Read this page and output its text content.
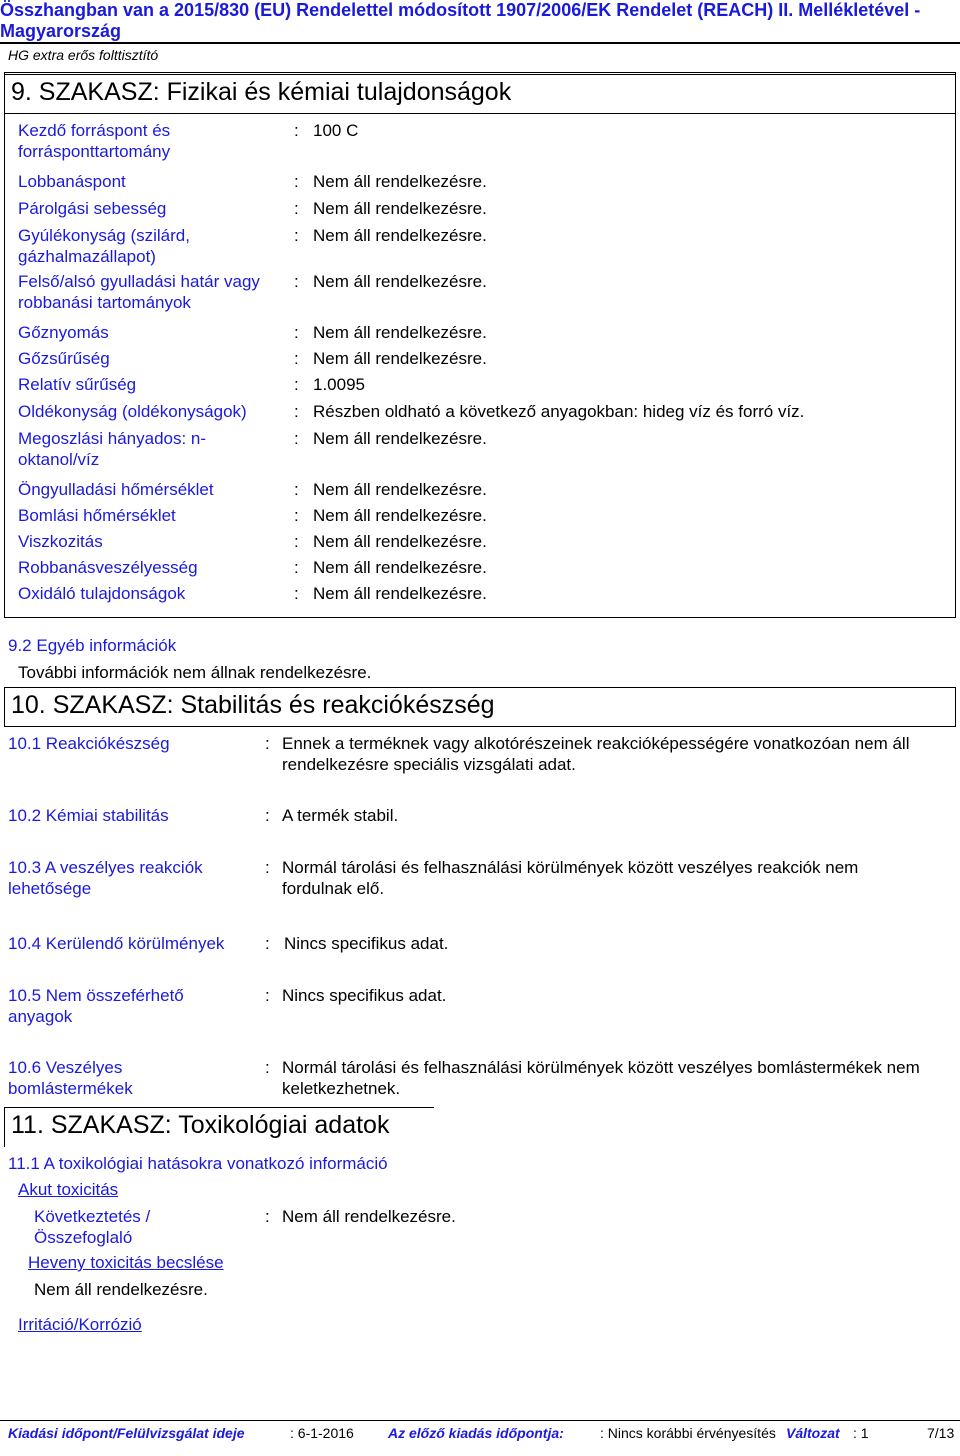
Összhangban van a 2015/830 (EU) Rendelettel módosított 1907/2006/EK Rendelet (REACH) II. Mellékletével - Magyarország
HG extra erős folttisztító
9. SZAKASZ: Fizikai és kémiai tulajdonságok
Kezdő forráspont és forrásponttartomány
: 100 C
Lobbanáspont	: Nem áll rendelkezésre.
Párolgási sebesség	: Nem áll rendelkezésre.
Gyúlékonyság (szilárd, gázhalmazállapot)
: Nem áll rendelkezésre.
Felső/alsó gyulladási határ vagy robbanási tartományok
: Nem áll rendelkezésre.
Gőznyomás	: Nem áll rendelkezésre.
Gőzsűrűség	: Nem áll rendelkezésre.
Relatív sűrűség	: 1.0095
Oldékonyság (oldékonyságok)	: Részben oldható a következő anyagokban: hideg víz és forró víz.
Megoszlási hányados: n-oktanol/víz
: Nem áll rendelkezésre.
Öngyulladási hőmérséklet	: Nem áll rendelkezésre.
Bomlási hőmérséklet	: Nem áll rendelkezésre.
Viszkozitás	: Nem áll rendelkezésre.
Robbanásveszélyesség	: Nem áll rendelkezésre.
Oxidáló tulajdonságok	: Nem áll rendelkezésre.
9.2 Egyéb információk
További információk nem állnak rendelkezésre.
10. SZAKASZ: Stabilitás és reakciókészség
10.1 Reakciókészség	: Ennek a terméknek vagy alkotórészeinek reakcióképességére vonatkozóan nem áll rendelkezésre speciális vizsgálati adat.
10.2 Kémiai stabilitás	: A termék stabil.
10.3 A veszélyes reakciók lehetősége
: Normál tárolási és felhasználási körülmények között veszélyes reakciók nem fordulnak elő.
10.4 Kerülendő körülmények : Nincs specifikus adat.
10.5 Nem összeférhető anyagok
: Nincs specifikus adat.
10.6 Veszélyes bomlástermékek
: Normál tárolási és felhasználási körülmények között veszélyes bomlástermékek nem keletkezhetnek.
11. SZAKASZ: Toxikológiai adatok
11.1 A toxikológiai hatásokra vonatkozó információ
Akut toxicitás
Következtetés / Összefoglaló
: Nem áll rendelkezésre.
Heveny toxicitás becslése
Nem áll rendelkezésre.
Irritáció/Korrózió
Kiadási időpont/Felülvizsgálat ideje	: 6-1-2016 Az előző kiadás időpontja:	: Nincs korábbi érvényesítés Változat : 1	7/13
